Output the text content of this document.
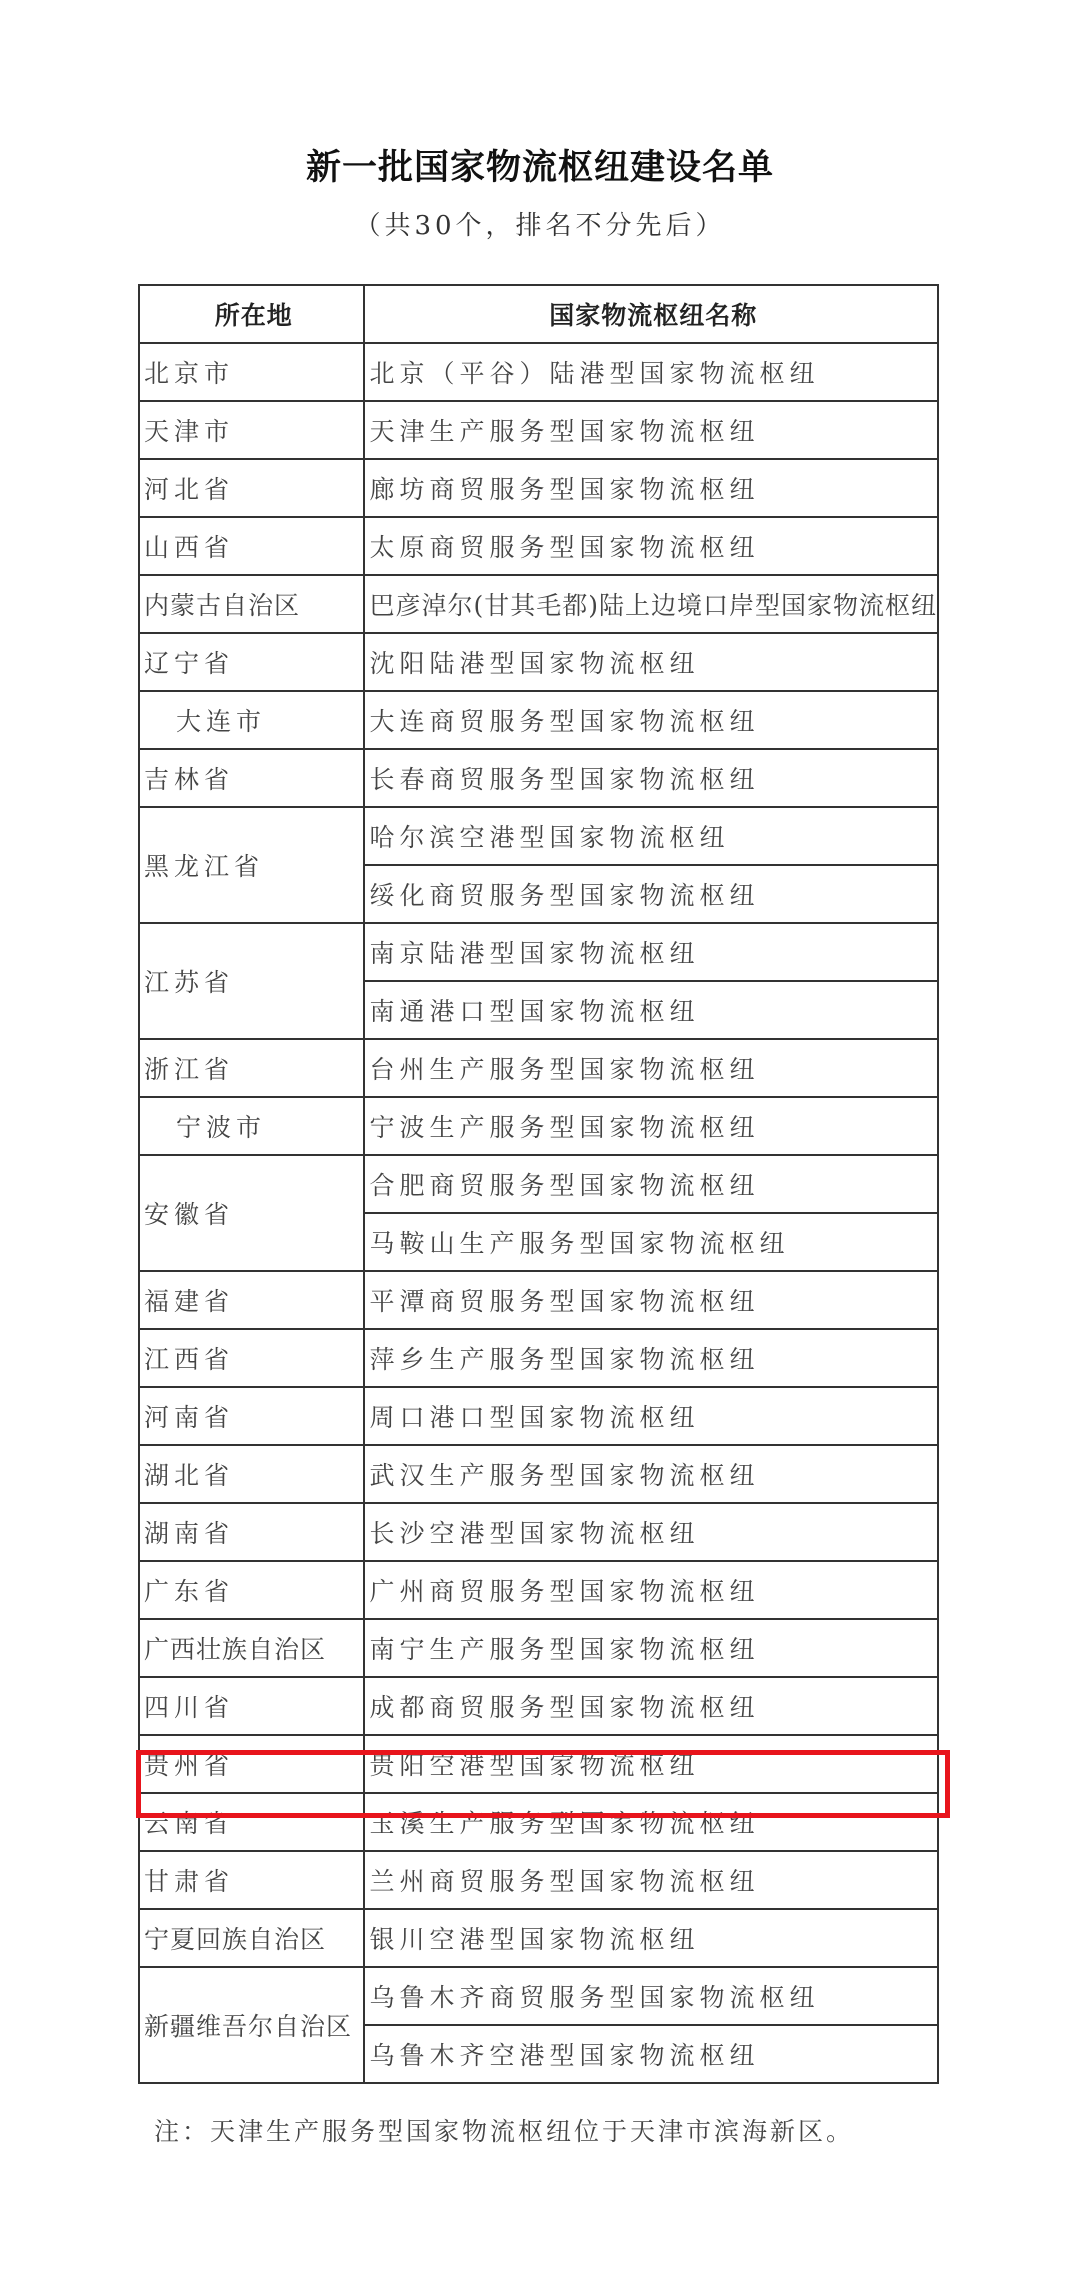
新一批国家物流枢纽建设名单
（共30个，排名不分先后）
所在地	国家物流枢纽名称
北京市	北京（平谷）陆港型国家物流枢纽
天津市	天津生产服务型国家物流枢纽
河北省	廊坊商贸服务型国家物流枢纽
山西省	太原商贸服务型国家物流枢纽
内蒙古自治区	巴彦淖尔(甘其毛都)陆上边境口岸型国家物流枢纽
辽宁省	沈阳陆港型国家物流枢纽
大连市	大连商贸服务型国家物流枢纽
吉林省	长春商贸服务型国家物流枢纽
黑龙江省	哈尔滨空港型国家物流枢纽
	绥化商贸服务型国家物流枢纽
江苏省	南京陆港型国家物流枢纽
	南通港口型国家物流枢纽
浙江省	台州生产服务型国家物流枢纽
宁波市	宁波生产服务型国家物流枢纽
安徽省	合肥商贸服务型国家物流枢纽
	马鞍山生产服务型国家物流枢纽
福建省	平潭商贸服务型国家物流枢纽
江西省	萍乡生产服务型国家物流枢纽
河南省	周口港口型国家物流枢纽
湖北省	武汉生产服务型国家物流枢纽
湖南省	长沙空港型国家物流枢纽
广东省	广州商贸服务型国家物流枢纽
广西壮族自治区	南宁生产服务型国家物流枢纽
四川省	成都商贸服务型国家物流枢纽
贵州省	贵阳空港型国家物流枢纽
云南省	玉溪生产服务型国家物流枢纽
甘肃省	兰州商贸服务型国家物流枢纽
宁夏回族自治区	银川空港型国家物流枢纽
新疆维吾尔自治区	乌鲁木齐商贸服务型国家物流枢纽
	乌鲁木齐空港型国家物流枢纽
注：天津生产服务型国家物流枢纽位于天津市滨海新区。
